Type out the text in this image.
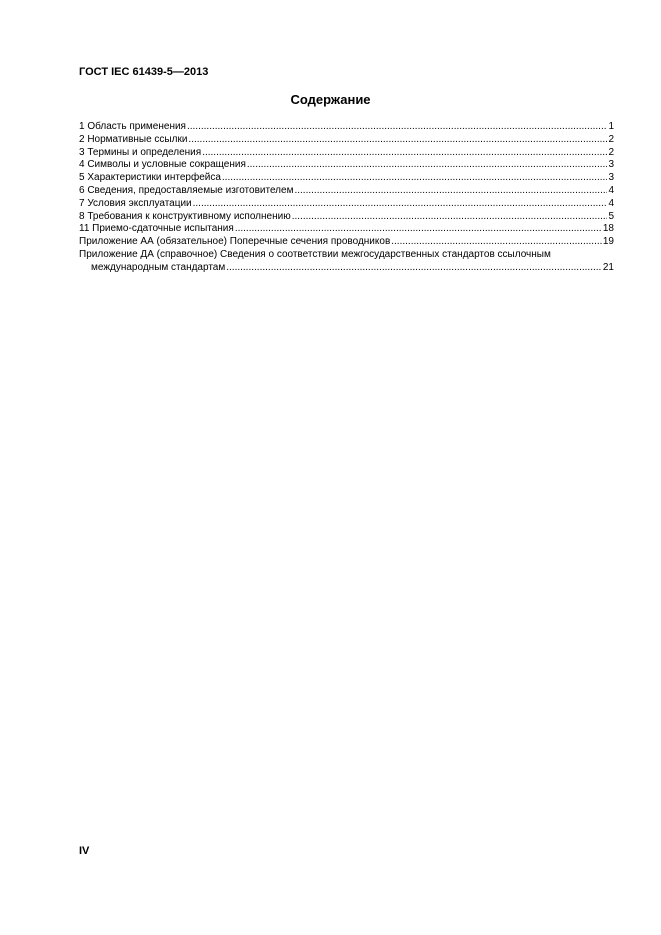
ГОСТ IEC 61439-5—2013
Содержание
1 Область применения .....	1
2 Нормативные ссылки .....	2
3 Термины и определения .....	2
4 Символы и условные сокращения .....	3
5 Характеристики интерфейса .....	3
6 Сведения, предоставляемые изготовителем .....	4
7 Условия эксплуатации .....	4
8 Требования к конструктивному исполнению .....	5
11 Приемо-сдаточные испытания .....	18
Приложение АА (обязательное) Поперечные сечения проводников .....	19
Приложение ДА (справочное) Сведения о соответствии межгосударственных стандартов ссылочным
международным стандартам .....	21
IV
